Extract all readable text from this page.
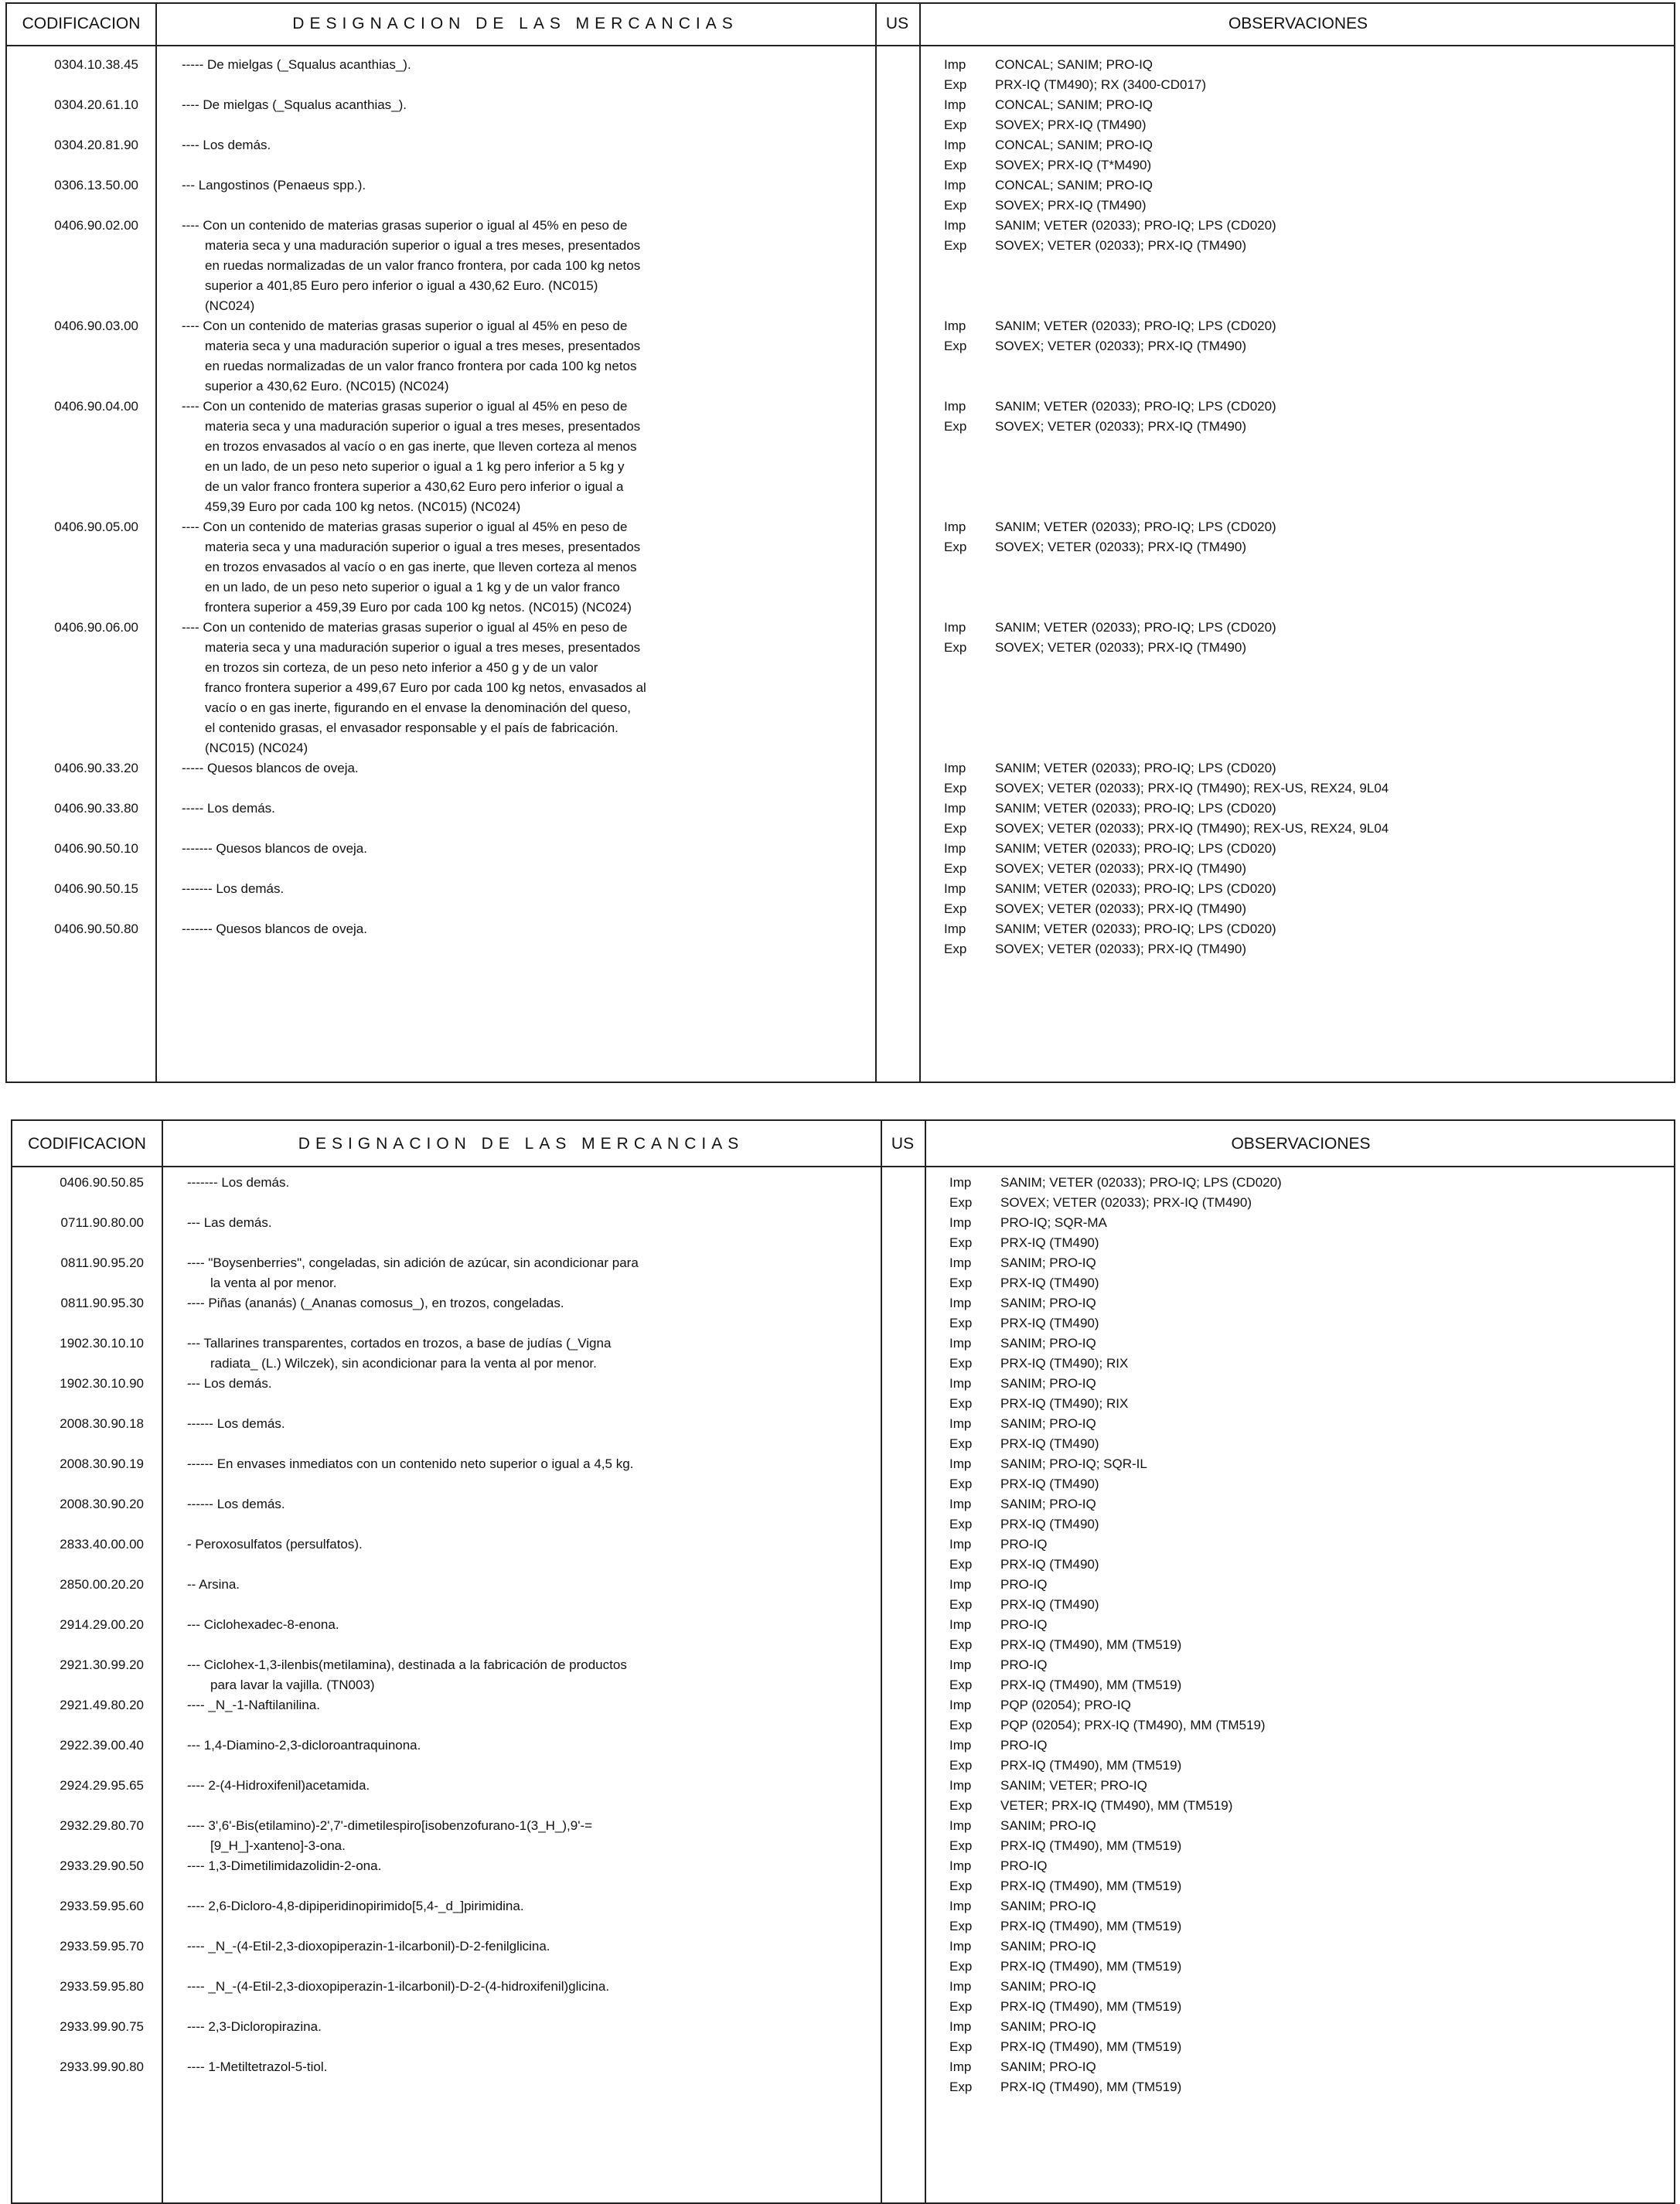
CODIFICACION	DESIGNACION DE LAS MERCANCIAS	US	OBSERVACIONES
0304.10.38.45	----- De mielgas (_Squalus acanthias_).	Imp CONCAL; SANIM; PRO-IQ
Exp PRX-IQ (TM490); RX (3400-CD017)
0304.20.61.10	---- De mielgas (_Squalus acanthias_).	Imp CONCAL; SANIM; PRO-IQ
Exp SOVEX; PRX-IQ (TM490)
0304.20.81.90	---- Los demás.	Imp CONCAL; SANIM; PRO-IQ
Exp SOVEX; PRX-IQ (T*M490)
0306.13.50.00	--- Langostinos (Penaeus spp.).	Imp CONCAL; SANIM; PRO-IQ
Exp SOVEX; PRX-IQ (TM490)
0406.90.02.00	---- Con un contenido de materias grasas superior o igual al 45% en peso de
materia seca y una maduración superior o igual a tres meses, presentados
en ruedas normalizadas de un valor franco frontera, por cada 100 kg netos
superior a 401,85 Euro pero inferior o igual a 430,62 Euro. (NC015)
(NC024)
Imp SANIM; VETER (02033); PRO-IQ; LPS (CD020)
Exp SOVEX; VETER (02033); PRX-IQ (TM490)
0406.90.03.00	---- Con un contenido de materias grasas superior o igual al 45% en peso de
materia seca y una maduración superior o igual a tres meses, presentados
en ruedas normalizadas de un valor franco frontera por cada 100 kg netos
superior a 430,62 Euro. (NC015) (NC024)
Imp SANIM; VETER (02033); PRO-IQ; LPS (CD020)
Exp SOVEX; VETER (02033); PRX-IQ (TM490)
0406.90.04.00	---- Con un contenido de materias grasas superior o igual al 45% en peso de
materia seca y una maduración superior o igual a tres meses, presentados
en trozos envasados al vacío o en gas inerte, que lleven corteza al menos
en un lado, de un peso neto superior o igual a 1 kg pero inferior a 5 kg y
de un valor franco frontera superior a 430,62 Euro pero inferior o igual a
459,39 Euro por cada 100 kg netos. (NC015) (NC024)
Imp SANIM; VETER (02033); PRO-IQ; LPS (CD020)
Exp SOVEX; VETER (02033); PRX-IQ (TM490)
0406.90.05.00	---- Con un contenido de materias grasas superior o igual al 45% en peso de
materia seca y una maduración superior o igual a tres meses, presentados
en trozos envasados al vacío o en gas inerte, que lleven corteza al menos
en un lado, de un peso neto superior o igual a 1 kg y de un valor franco
frontera superior a 459,39 Euro por cada 100 kg netos. (NC015) (NC024)
Imp SANIM; VETER (02033); PRO-IQ; LPS (CD020)
Exp SOVEX; VETER (02033); PRX-IQ (TM490)
0406.90.06.00	---- Con un contenido de materias grasas superior o igual al 45% en peso de
materia seca y una maduración superior o igual a tres meses, presentados
en trozos sin corteza, de un peso neto inferior a 450 g y de un valor
franco frontera superior a 499,67 Euro por cada 100 kg netos, envasados al
vacío o en gas inerte, figurando en el envase la denominación del queso,
el contenido grasas, el envasador responsable y el país de fabricación.
(NC015) (NC024)
Imp SANIM; VETER (02033); PRO-IQ; LPS (CD020)
Exp SOVEX; VETER (02033); PRX-IQ (TM490)
0406.90.33.20	----- Quesos blancos de oveja.	Imp SANIM; VETER (02033); PRO-IQ; LPS (CD020)
Exp SOVEX; VETER (02033); PRX-IQ (TM490); REX-US, REX24, 9L04
0406.90.33.80	----- Los demás.	Imp SANIM; VETER (02033); PRO-IQ; LPS (CD020)
Exp SOVEX; VETER (02033); PRX-IQ (TM490); REX-US, REX24, 9L04
0406.90.50.10	------- Quesos blancos de oveja.	Imp SANIM; VETER (02033); PRO-IQ; LPS (CD020)
Exp SOVEX; VETER (02033); PRX-IQ (TM490)
0406.90.50.15	------- Los demás.	Imp SANIM; VETER (02033); PRO-IQ; LPS (CD020)
Exp SOVEX; VETER (02033); PRX-IQ (TM490)
0406.90.50.80	------- Quesos blancos de oveja.	Imp SANIM; VETER (02033); PRO-IQ; LPS (CD020)
Exp SOVEX; VETER (02033); PRX-IQ (TM490)
CODIFICACION	DESIGNACION DE LAS MERCANCIAS	US	OBSERVACIONES
0406.90.50.85	------- Los demás.	Imp SANIM; VETER (02033); PRO-IQ; LPS (CD020)
Exp SOVEX; VETER (02033); PRX-IQ (TM490)
0711.90.80.00	--- Las demás.	Imp PRO-IQ; SQR-MA
Exp PRX-IQ (TM490)
0811.90.95.20	---- "Boysenberries", congeladas, sin adición de azúcar, sin acondicionar para
la venta al por menor.
Imp SANIM; PRO-IQ
Exp PRX-IQ (TM490)
0811.90.95.30	---- Piñas (ananás) (_Ananas comosus_), en trozos, congeladas.	Imp SANIM; PRO-IQ
Exp PRX-IQ (TM490)
1902.30.10.10	--- Tallarines transparentes, cortados en trozos, a base de judías (_Vigna
radiata_ (L.) Wilczek), sin acondicionar para la venta al por menor.
Imp SANIM; PRO-IQ
Exp PRX-IQ (TM490); RIX
1902.30.10.90	--- Los demás.	Imp SANIM; PRO-IQ
Exp PRX-IQ (TM490); RIX
2008.30.90.18	------ Los demás.	Imp SANIM; PRO-IQ
Exp PRX-IQ (TM490)
2008.30.90.19	------ En envases inmediatos con un contenido neto superior o igual a 4,5 kg.	Imp SANIM; PRO-IQ; SQR-IL
Exp PRX-IQ (TM490)
2008.30.90.20	------ Los demás.	Imp SANIM; PRO-IQ
Exp PRX-IQ (TM490)
2833.40.00.00	- Peroxosulfatos (persulfatos).	Imp PRO-IQ
Exp PRX-IQ (TM490)
2850.00.20.20	-- Arsina.	Imp PRO-IQ
Exp PRX-IQ (TM490)
2914.29.00.20	--- Ciclohexadec-8-enona.	Imp PRO-IQ
Exp PRX-IQ (TM490), MM (TM519)
2921.30.99.20	--- Ciclohex-1,3-ilenbis(metilamina), destinada a la fabricación de productos
para lavar la vajilla. (TN003)
Imp PRO-IQ
Exp PRX-IQ (TM490), MM (TM519)
2921.49.80.20	---- _N_-1-Naftilanilina.	Imp PQP (02054); PRO-IQ
Exp PQP (02054); PRX-IQ (TM490), MM (TM519)
2922.39.00.40	--- 1,4-Diamino-2,3-dicloroantraquinona.	Imp PRO-IQ
Exp PRX-IQ (TM490), MM (TM519)
2924.29.95.65	---- 2-(4-Hidroxifenil)acetamida.	Imp SANIM; VETER; PRO-IQ
Exp VETER; PRX-IQ (TM490), MM (TM519)
2932.29.80.70	---- 3',6'-Bis(etilamino)-2',7'-dimetilespiro[isobenzofurano-1(3_H_),9'-=
[9_H_]-xanteno]-3-ona.
Imp SANIM; PRO-IQ
Exp PRX-IQ (TM490), MM (TM519)
2933.29.90.50	---- 1,3-Dimetilimidazolidin-2-ona.	Imp PRO-IQ
Exp PRX-IQ (TM490), MM (TM519)
2933.59.95.60	---- 2,6-Dicloro-4,8-dipiperidinopirimido[5,4-_d_]pirimidina.	Imp SANIM; PRO-IQ
Exp PRX-IQ (TM490), MM (TM519)
2933.59.95.70	---- _N_-(4-Etil-2,3-dioxopiperazin-1-ilcarbonil)-D-2-fenilglicina.	Imp SANIM; PRO-IQ
Exp PRX-IQ (TM490), MM (TM519)
2933.59.95.80	---- _N_-(4-Etil-2,3-dioxopiperazin-1-ilcarbonil)-D-2-(4-hidroxifenil)glicina.	Imp SANIM; PRO-IQ
Exp PRX-IQ (TM490), MM (TM519)
2933.99.90.75	---- 2,3-Dicloropirazina.	Imp SANIM; PRO-IQ
Exp PRX-IQ (TM490), MM (TM519)
2933.99.90.80	---- 1-Metiltetrazol-5-tiol.	Imp SANIM; PRO-IQ
Exp PRX-IQ (TM490), MM (TM519)
